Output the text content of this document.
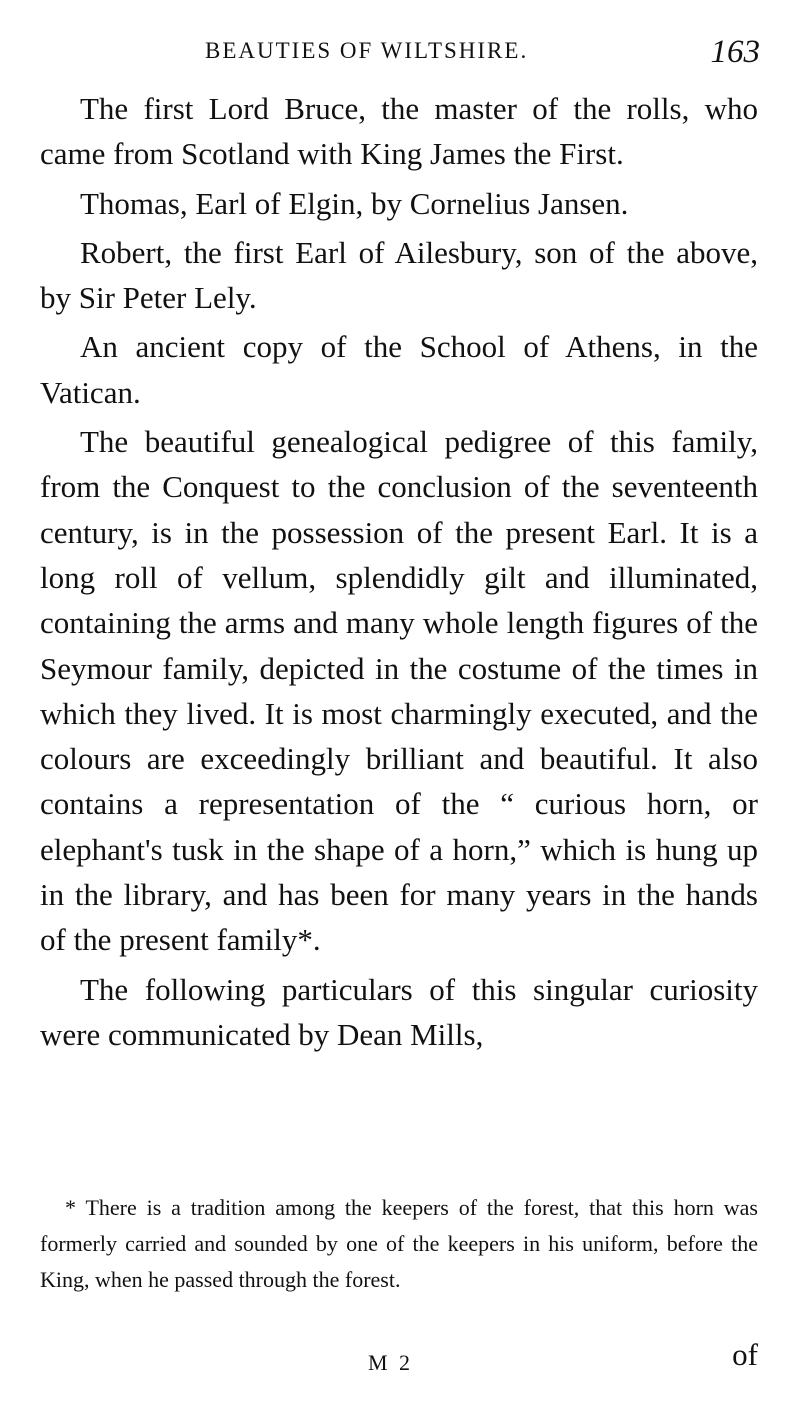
BEAUTIES OF WILTSHIRE.	163

The first Lord Bruce, the master of the rolls, who came from Scotland with King James the First.

Thomas, Earl of Elgin, by Cornelius Jansen.

Robert, the first Earl of Ailesbury, son of the above, by Sir Peter Lely.

An ancient copy of the School of Athens, in the Vatican.

The beautiful genealogical pedigree of this family, from the Conquest to the conclusion of the seventeenth century, is in the possession of the present Earl. It is a long roll of vellum, splendidly gilt and illuminated, containing the arms and many whole length figures of the Seymour family, depicted in the costume of the times in which they lived. It is most charmingly executed, and the colours are exceedingly brilliant and beautiful. It also contains a representation of the “ curious horn, or elephant's tusk in the shape of a horn,” which is hung up in the library, and has been for many years in the hands of the present family*.

The following particulars of this singular curiosity were communicated by Dean Mills,

* There is a tradition among the keepers of the forest, that this horn was formerly carried and sounded by one of the keepers in his uniform, before the King, when he passed through the forest.

M 2	of
